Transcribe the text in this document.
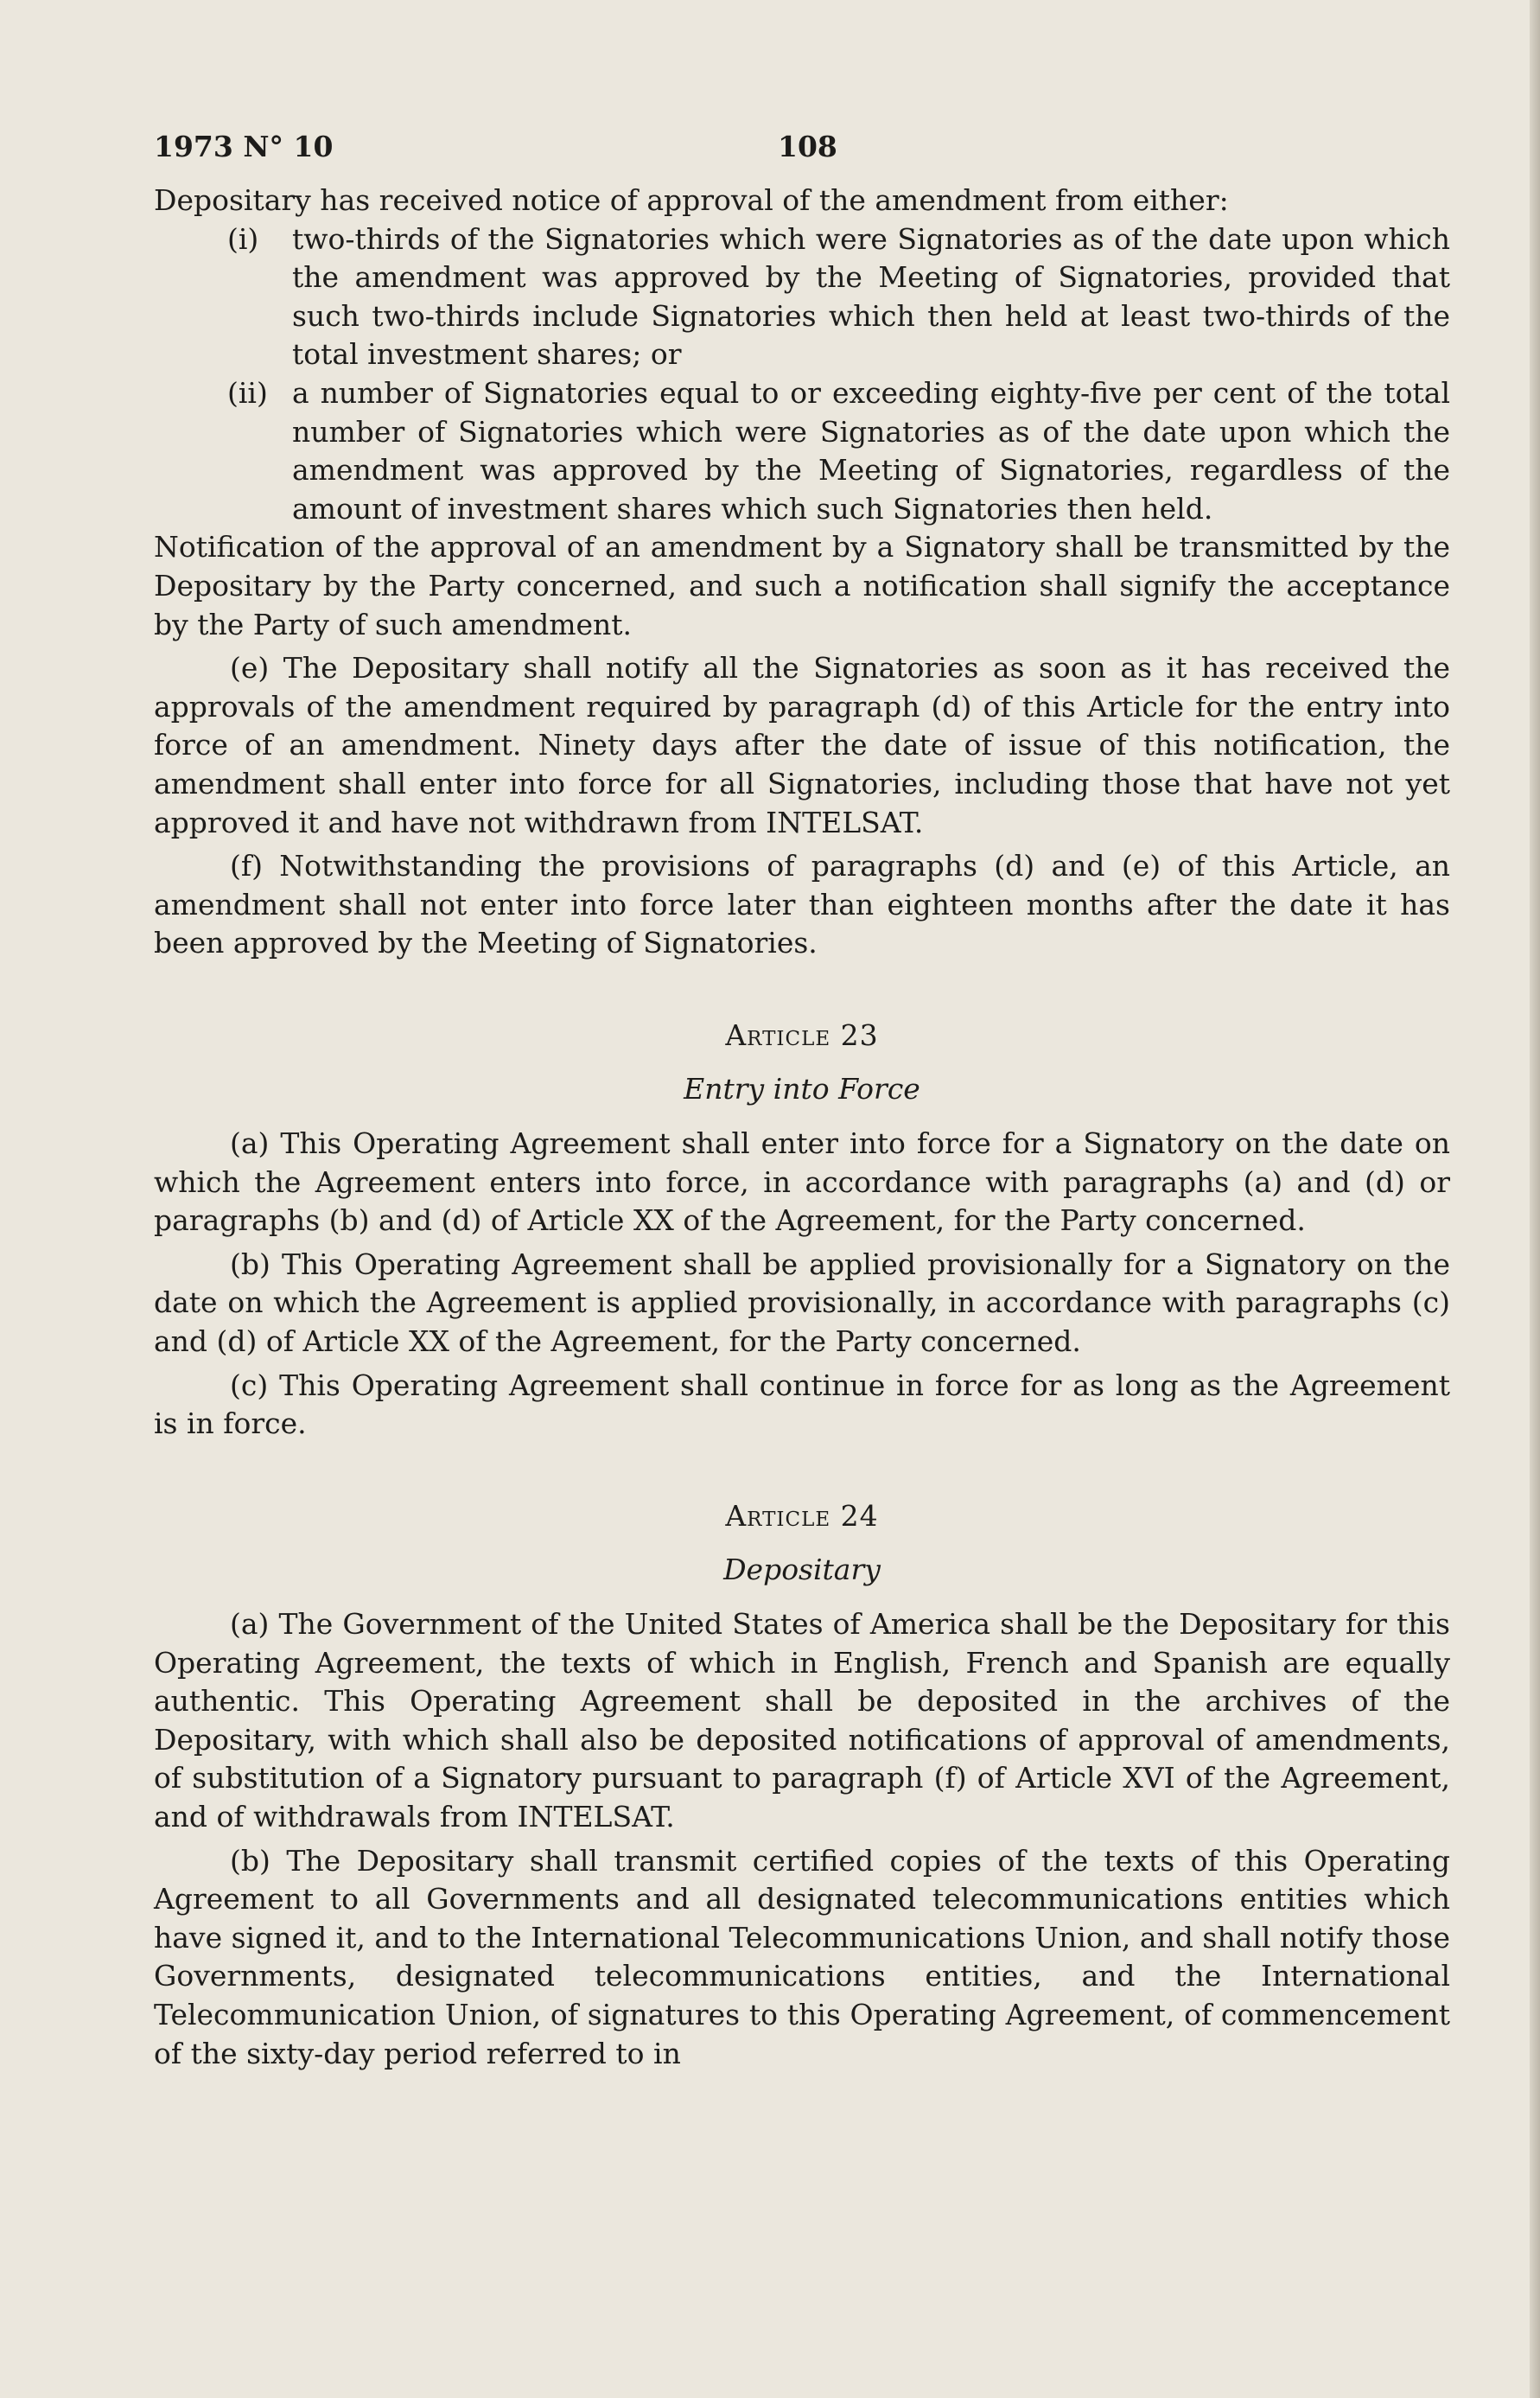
1973 N° 10	108

Depositary has received notice of approval of the amendment from either:

(i) two-thirds of the Signatories which were Signatories as of the date upon which the amendment was approved by the Meeting of Signatories, provided that such two-thirds include Signatories which then held at least two-thirds of the total investment shares; or
(ii) a number of Signatories equal to or exceeding eighty-five per cent of the total number of Signatories which were Signatories as of the date upon which the amendment was approved by the Meeting of Signatories, regardless of the amount of investment shares which such Signatories then held.

Notification of the approval of an amendment by a Signatory shall be transmitted by the Depositary by the Party concerned, and such a notification shall signify the acceptance by the Party of such amendment.

(e) The Depositary shall notify all the Signatories as soon as it has received the approvals of the amendment required by paragraph (d) of this Article for the entry into force of an amendment. Ninety days after the date of issue of this notification, the amendment shall enter into force for all Signatories, including those that have not yet approved it and have not withdrawn from INTELSAT.

(f) Notwithstanding the provisions of paragraphs (d) and (e) of this Article, an amendment shall not enter into force later than eighteen months after the date it has been approved by the Meeting of Signatories.

Article 23
Entry into Force

(a) This Operating Agreement shall enter into force for a Signatory on the date on which the Agreement enters into force, in accordance with paragraphs (a) and (d) or paragraphs (b) and (d) of Article XX of the Agreement, for the Party concerned.

(b) This Operating Agreement shall be applied provisionally for a Signatory on the date on which the Agreement is applied provisionally, in accordance with paragraphs (c) and (d) of Article XX of the Agreement, for the Party concerned.

(c) This Operating Agreement shall continue in force for as long as the Agreement is in force.

Article 24
Depositary

(a) The Government of the United States of America shall be the Depositary for this Operating Agreement, the texts of which in English, French and Spanish are equally authentic. This Operating Agreement shall be deposited in the archives of the Depositary, with which shall also be deposited notifications of approval of amendments, of substitution of a Signatory pursuant to paragraph (f) of Article XVI of the Agreement, and of withdrawals from INTELSAT.

(b) The Depositary shall transmit certified copies of the texts of this Operating Agreement to all Governments and all designated telecommunications entities which have signed it, and to the International Telecommunications Union, and shall notify those Governments, designated telecommunications entities, and the International Telecommunication Union, of signatures to this Operating Agreement, of commencement of the sixty-day period referred to in
